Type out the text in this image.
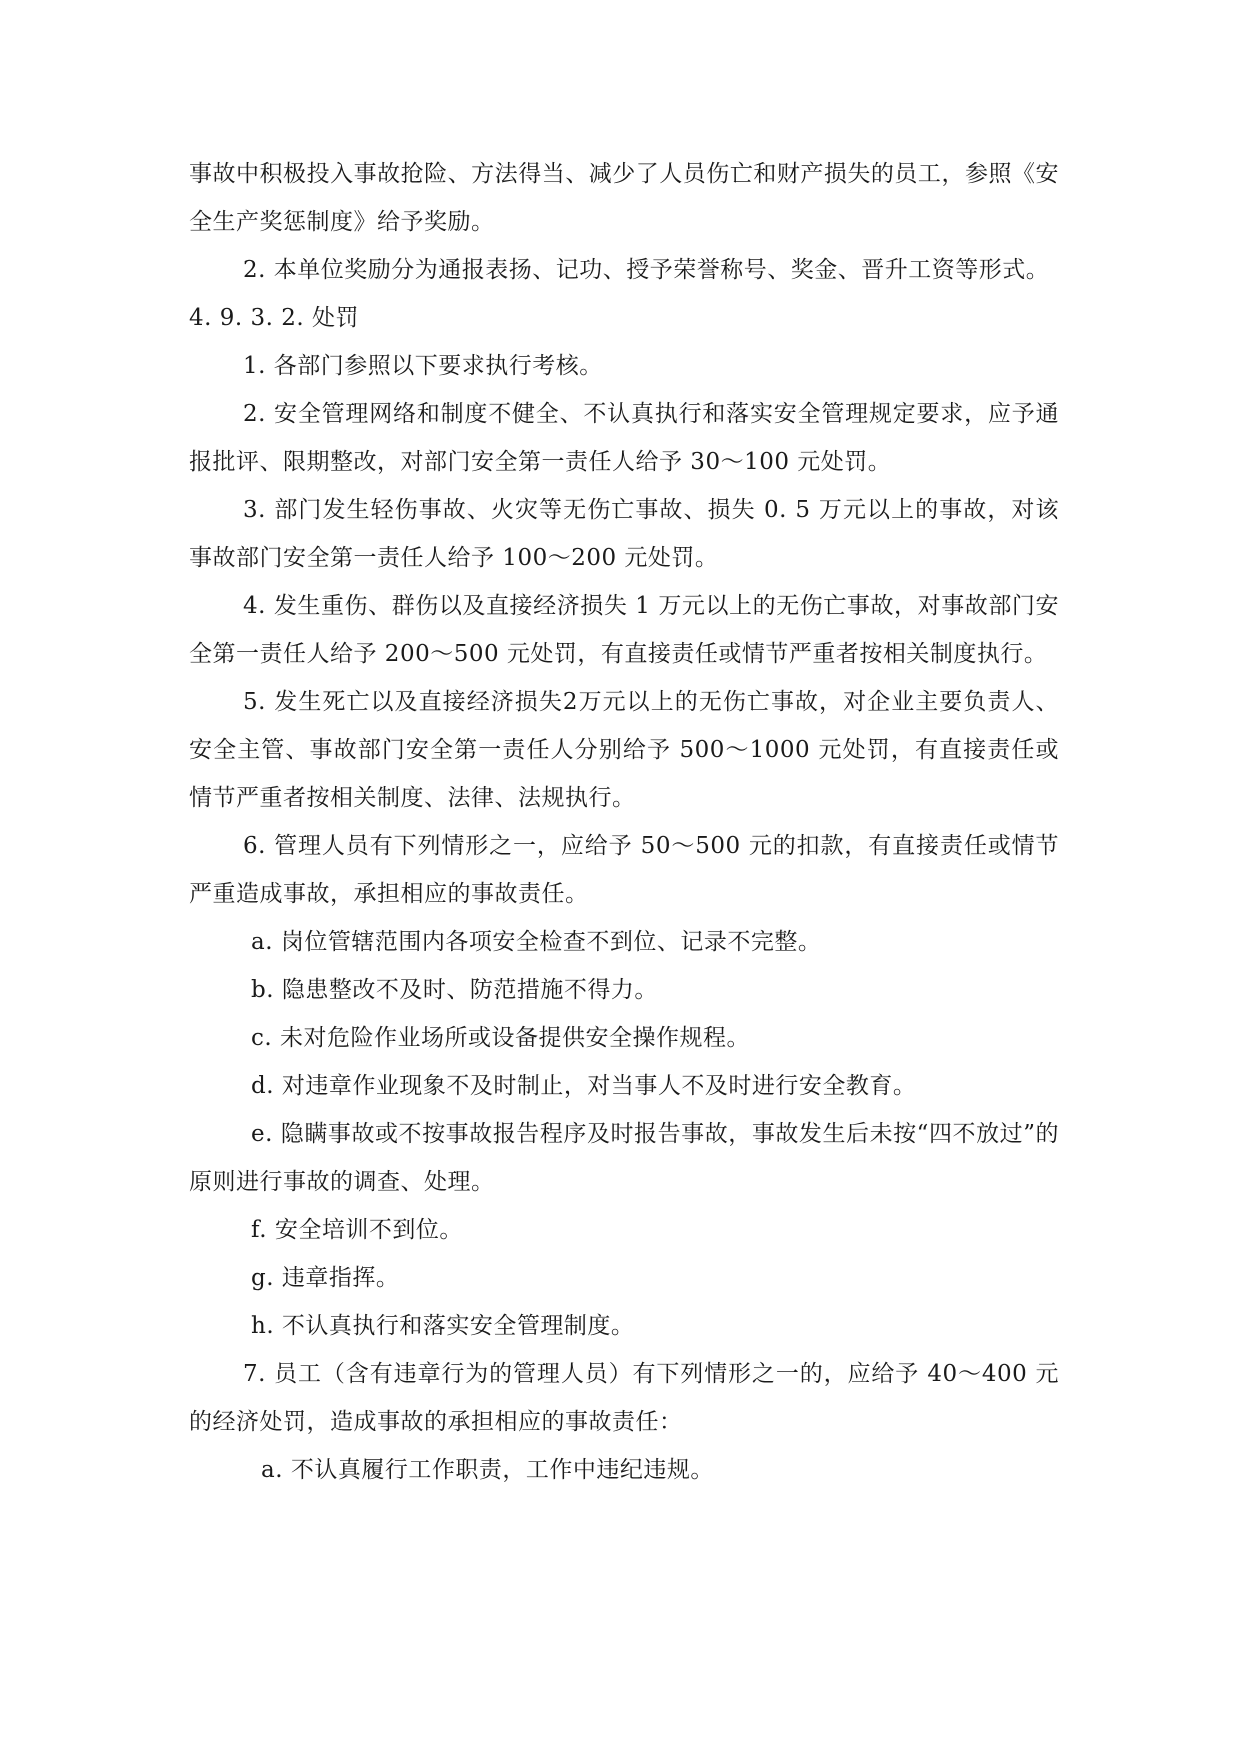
事故中积极投入事故抢险、方法得当、减少了人员伤亡和财产损失的员工，参照《安全生产奖惩制度》给予奖励。

2. 本单位奖励分为通报表扬、记功、授予荣誉称号、奖金、晋升工资等形式。

4. 9. 3. 2. 处罚

1. 各部门参照以下要求执行考核。

2. 安全管理网络和制度不健全、不认真执行和落实安全管理规定要求，应予通报批评、限期整改，对部门安全第一责任人给予 30～100 元处罚。

3. 部门发生轻伤事故、火灾等无伤亡事故、损失 0. 5 万元以上的事故，对该事故部门安全第一责任人给予 100～200 元处罚。

4. 发生重伤、群伤以及直接经济损失 1 万元以上的无伤亡事故，对事故部门安全第一责任人给予 200～500 元处罚，有直接责任或情节严重者按相关制度执行。

5. 发生死亡以及直接经济损失2万元以上的无伤亡事故，对企业主要负责人、安全主管、事故部门安全第一责任人分别给予 500～1000 元处罚，有直接责任或情节严重者按相关制度、法律、法规执行。

6. 管理人员有下列情形之一，应给予 50～500 元的扣款，有直接责任或情节严重造成事故，承担相应的事故责任。

a. 岗位管辖范围内各项安全检查不到位、记录不完整。

b. 隐患整改不及时、防范措施不得力。

c. 未对危险作业场所或设备提供安全操作规程。

d. 对违章作业现象不及时制止，对当事人不及时进行安全教育。

e. 隐瞒事故或不按事故报告程序及时报告事故，事故发生后未按“四不放过”的原则进行事故的调查、处理。

f. 安全培训不到位。

g. 违章指挥。

h. 不认真执行和落实安全管理制度。

7. 员工（含有违章行为的管理人员）有下列情形之一的，应给予 40～400 元的经济处罚，造成事故的承担相应的事故责任：

a. 不认真履行工作职责，工作中违纪违规。
